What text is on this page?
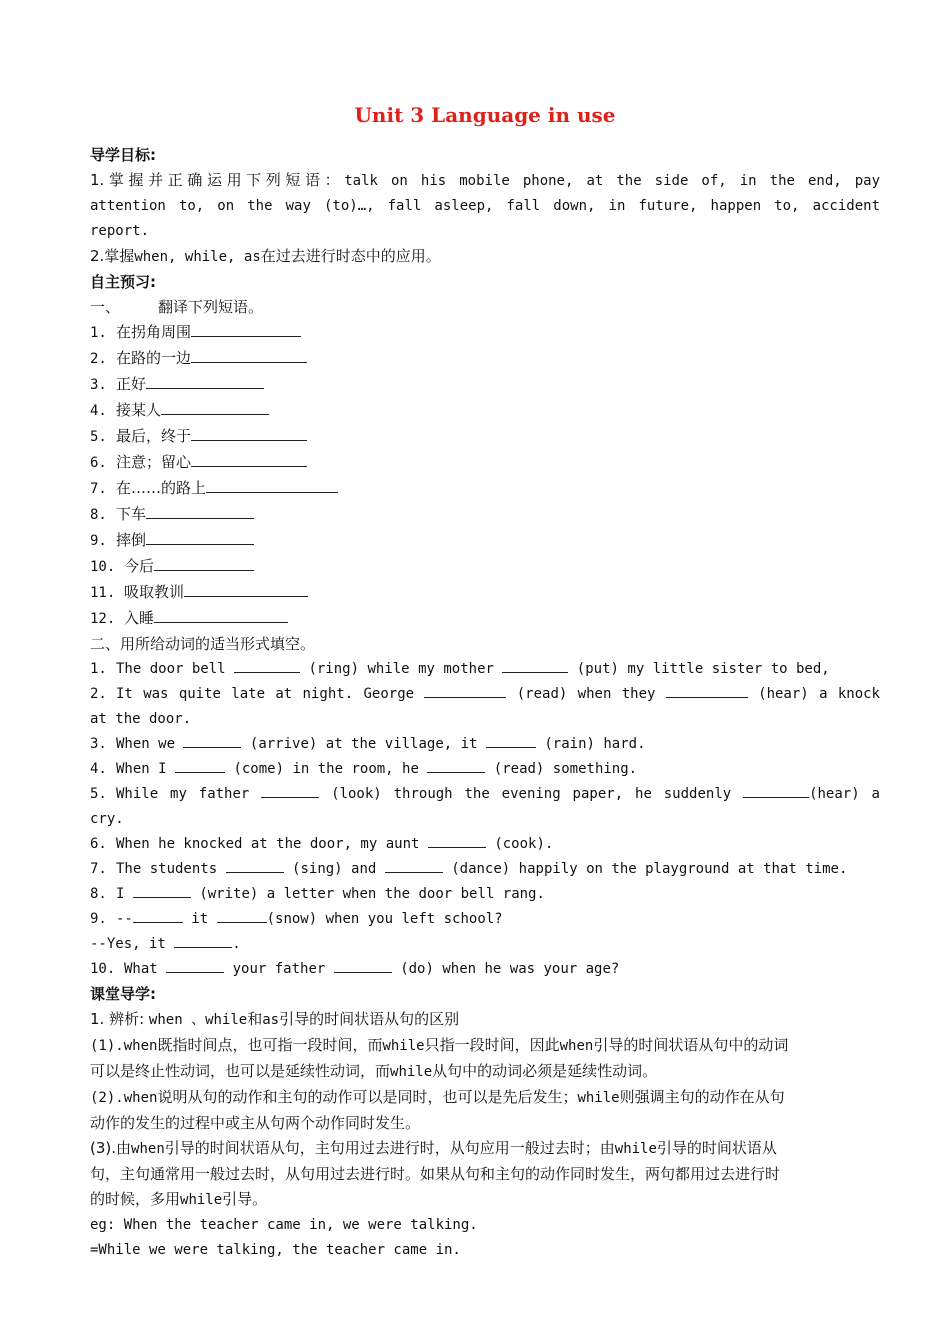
Unit 3 Language in use
导学目标:
1.掌握并正确运用下列短语：talk on his mobile phone, at the side of, in the end, pay
attention to, on the way (to)…, fall asleep, fall down, in future, happen to, accident
report.
2.掌握when, while, as在过去进行时态中的应用。
自主预习:
一、	翻译下列短语。
1. 在拐角周围
2. 在路的一边
3. 正好
4. 接某人
5. 最后，终于
6. 注意；留心
7. 在……的路上
8. 下车
9. 摔倒
10. 今后
11. 吸取教训
12. 入睡
二、用所给动词的适当形式填空。
1. The door bell	(ring) while my mother	(put) my little sister to bed,
2. It was quite late at night. George	(read) when they	(hear) a knock
at the door.
3. When we	(arrive) at the village, it	(rain) hard.
4. When I	(come) in the room, he	(read) something.
5. While my father	(look) through the evening paper, he suddenly	(hear) a
cry.
6. When he knocked at the door, my aunt	(cook).
7. The students	(sing) and	(dance) happily on the playground at that time.
8. I	(write) a letter when the door bell rang.
9. --	it	(snow) when you left school?
--Yes, it	.
10. What	your father	(do) when he was your age?
课堂导学:
1. 辨析: when 、while和as引导的时间状语从句的区别
(1).when既指时间点，也可指一段时间，而while只指一段时间，因此when引导的时间状语从句中的动词
可以是终止性动词，也可以是延续性动词，而while从句中的动词必须是延续性动词。
(2).when说明从句的动作和主句的动作可以是同时，也可以是先后发生；while则强调主句的动作在从句
动作的发生的过程中或主从句两个动作同时发生。
(3).由when引导的时间状语从句，主句用过去进行时，从句应用一般过去时；由while引导的时间状语从
句，主句通常用一般过去时，从句用过去进行时。如果从句和主句的动作同时发生，两句都用过去进行时
的时候，多用while引导。
eg: When the teacher came in, we were talking.
=While we were talking, the teacher came in.
